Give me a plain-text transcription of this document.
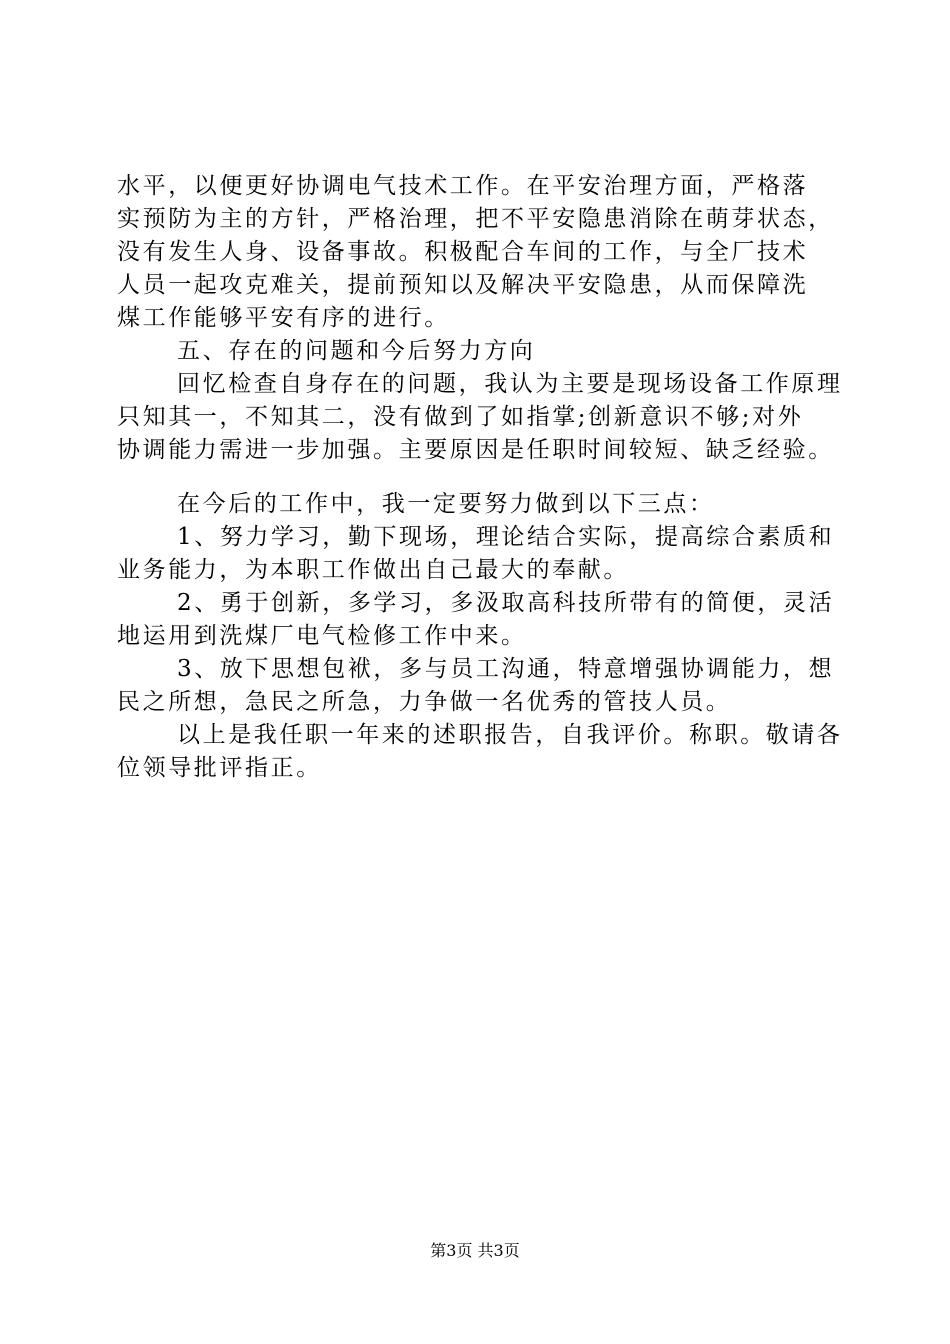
水平，以便更好协调电气技术工作。在平安治理方面，严格落
实预防为主的方针，严格治理，把不平安隐患消除在萌芽状态，
没有发生人身、设备事故。积极配合车间的工作，与全厂技术
人员一起攻克难关，提前预知以及解决平安隐患，从而保障洗
煤工作能够平安有序的进行。
五、存在的问题和今后努力方向
回忆检查自身存在的问题，我认为主要是现场设备工作原理
只知其一，不知其二，没有做到了如指掌;创新意识不够;对外
协调能力需进一步加强。主要原因是任职时间较短、缺乏经验。
在今后的工作中，我一定要努力做到以下三点：
1、努力学习，勤下现场，理论结合实际，提高综合素质和
业务能力，为本职工作做出自己最大的奉献。
2、勇于创新，多学习，多汲取高科技所带有的简便，灵活
地运用到洗煤厂电气检修工作中来。
3、放下思想包袱，多与员工沟通，特意增强协调能力，想
民之所想，急民之所急，力争做一名优秀的管技人员。
以上是我任职一年来的述职报告，自我评价。称职。敬请各
位领导批评指正。
第3页 共3页
